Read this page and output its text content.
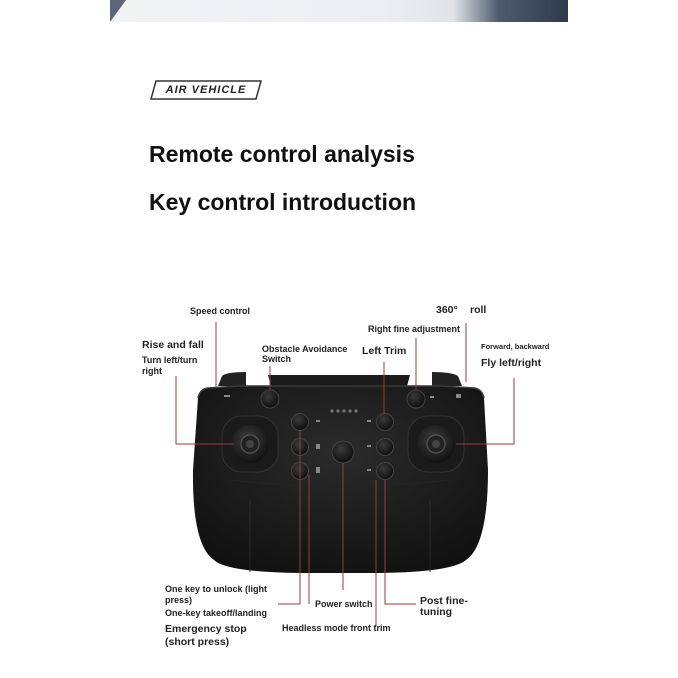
AIR VEHICLE
Remote control analysis
Key control introduction
Speed control	360° roll
Right fine adjustment
Rise and fall
Turn left/turn
right
Obstacle Avoidance
Switch
Left Trim	Forward, backward
Fly left/right
One key to unlock (light
press)
One-key takeoff/landing
Emergency stop
(short press)
Power switch	Post fine-
tuning
Headless mode front trim
